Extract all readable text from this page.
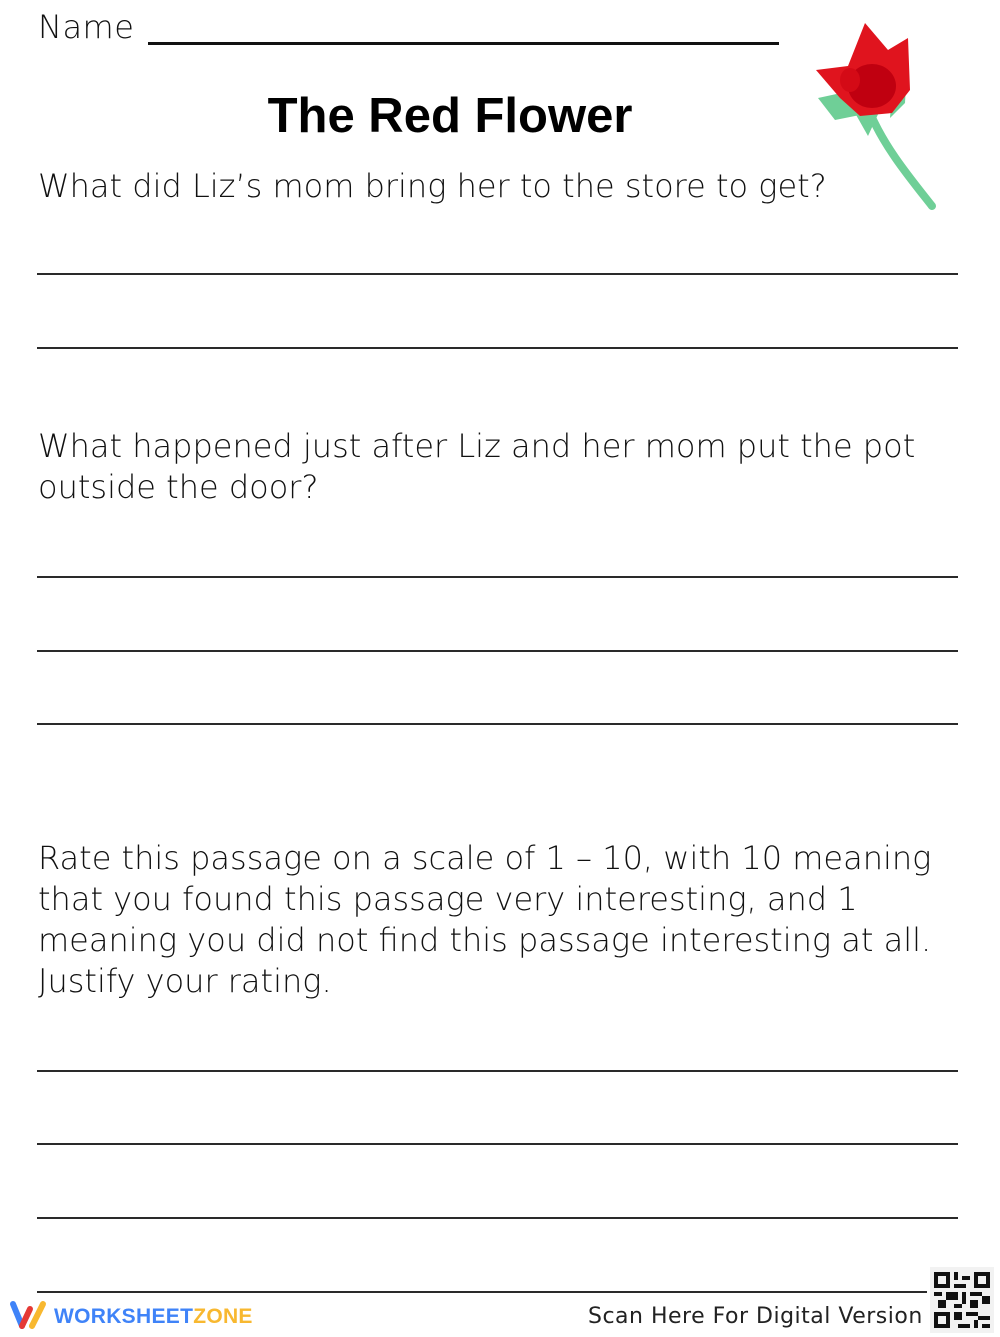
Name
The Red Flower
What did Liz’s mom bring her to the store to get?
What happened just after Liz and her mom put the pot outside the door?
Rate this passage on a scale of 1 – 10, with 10 meaning that you found this passage very interesting, and 1 meaning you did not find this passage interesting at all. Justify your rating.
WORKSHEETZONE	Scan Here For Digital Version
